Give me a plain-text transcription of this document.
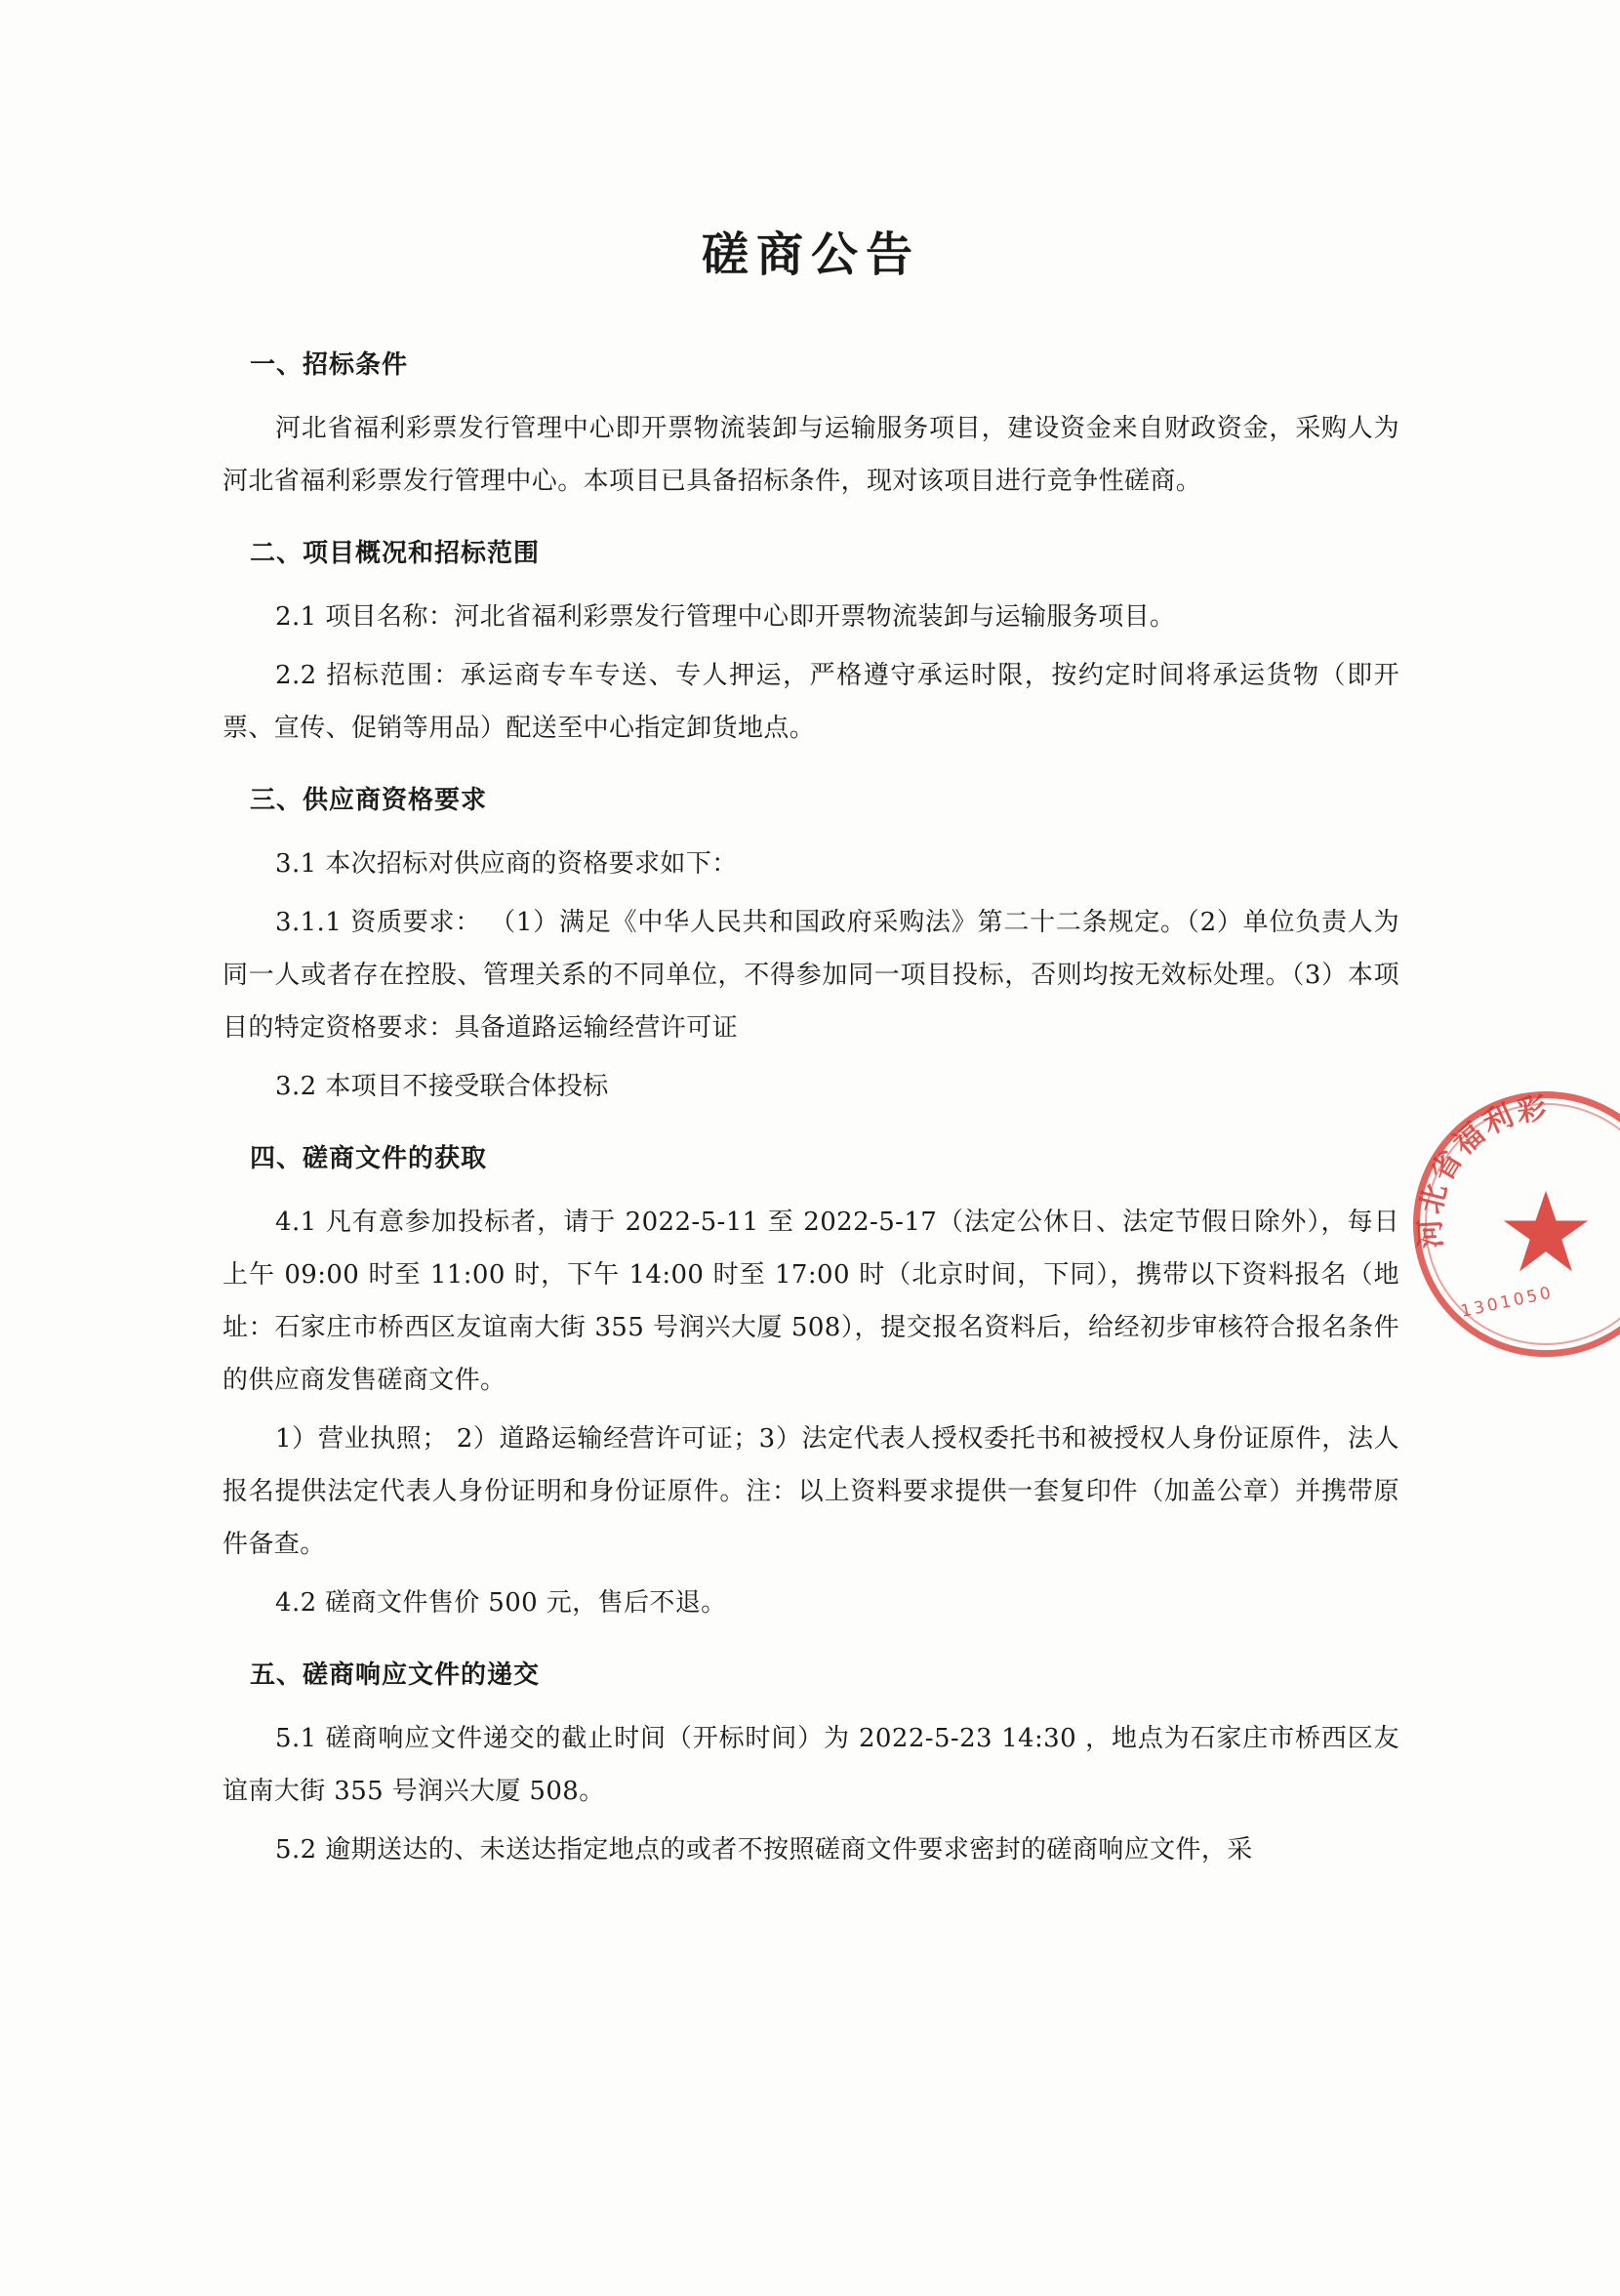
磋商公告
一、招标条件

河北省福利彩票发行管理中心即开票物流装卸与运输服务项目，建设资金来自财政资金，采购人为河北省福利彩票发行管理中心。本项目已具备招标条件，现对该项目进行竞争性磋商。

二、项目概况和招标范围

2.1 项目名称：河北省福利彩票发行管理中心即开票物流装卸与运输服务项目。

2.2 招标范围：承运商专车专送、专人押运，严格遵守承运时限，按约定时间将承运货物（即开票、宣传、促销等用品）配送至中心指定卸货地点。

三、供应商资格要求

3.1 本次招标对供应商的资格要求如下：

3.1.1 资质要求： （1）满足《中华人民共和国政府采购法》第二十二条规定。（2）单位负责人为同一人或者存在控股、管理关系的不同单位，不得参加同一项目投标，否则均按无效标处理。（3）本项目的特定资格要求：具备道路运输经营许可证

3.2 本项目不接受联合体投标

四、磋商文件的获取

4.1 凡有意参加投标者，请于 2022-5-11 至 2022-5-17（法定公休日、法定节假日除外），每日上午 09:00 时至 11:00 时，下午 14:00 时至 17:00 时（北京时间，下同），携带以下资料报名（地址：石家庄市桥西区友谊南大街 355 号润兴大厦 508），提交报名资料后，给经初步审核符合报名条件的供应商发售磋商文件。

1）营业执照； 2）道路运输经营许可证；3）法定代表人授权委托书和被授权人身份证原件，法人报名提供法定代表人身份证明和身份证原件。注：以上资料要求提供一套复印件（加盖公章）并携带原件备查。

4.2 磋商文件售价 500 元，售后不退。

五、磋商响应文件的递交

5.1 磋商响应文件递交的截止时间（开标时间）为 2022-5-23 14:30 ，地点为石家庄市桥西区友谊南大街 355 号润兴大厦 508。

5.2 逾期送达的、未送达指定地点的或者不按照磋商文件要求密封的磋商响应文件，采

河北省福利彩
1301050
